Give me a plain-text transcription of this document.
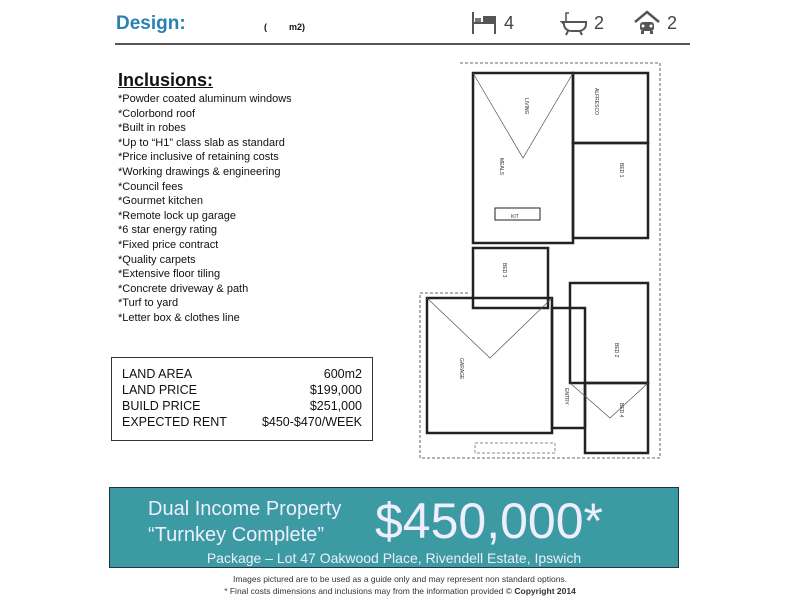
Design:	( m2)	4	2	2
Inclusions:
*Powder coated aluminum windows
*Colorbond roof
*Built in robes
*Up to “H1” class slab as standard
*Price inclusive of retaining costs
*Working drawings & engineering
*Council fees
*Gourmet kitchen
*Remote lock up garage
*6 star energy rating
*Fixed price contract
*Quality carpets
*Extensive floor tiling
*Concrete driveway & path
*Turf to yard
*Letter box & clothes line
LAND AREA	600m2
LAND PRICE	$199,000
BUILD PRICE	$251,000
EXPECTED RENT	$450-$470/WEEK
LIVING	ALFRESCO
MEALS	BED 1
KIT
BED 3
GARAGE
ENTRY
BED 2
BED 4
Dual Income Property
“Turnkey Complete” $450,000*
Package – Lot 47 Oakwood Place, Rivendell Estate, Ipswich
Images pictured are to be used as a guide only and may represent non standard options.
* Final costs dimensions and inclusions may from the information provided © Copyright 2014
